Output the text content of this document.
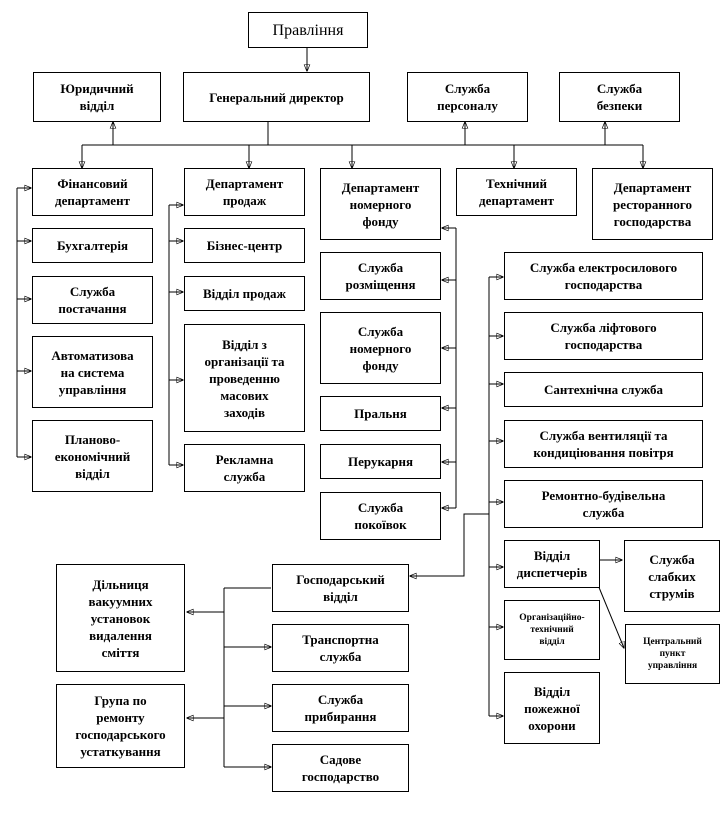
Правління
Юридичний
відділ
Генеральний директор
Служба
персоналу
Служба
безпеки
Фінансовий
департамент
Департамент
продаж
Департамент
номерного
фонду
Технічний
департамент
Департамент
ресторанного
господарства
Бухгалтерія
Служба
постачання
Автоматизова
на система
управління
Планово-
економічний
відділ
Бізнес-центр
Відділ продаж
Відділ з
організації та
проведенню
масових
заходів
Рекламна
служба
Служба
розміщення
Служба
номерного
фонду
Пральня
Перукарня
Служба
покоївок
Служба електросилового
господарства
Служба ліфтового
господарства
Сантехнічна служба
Служба вентиляції та
кондиціювання повітря
Ремонтно-будівельна
служба
Відділ
диспетчерів
Служба
слабких
струмів
Центральний
пункт
управління
Організаційно-
технічний
відділ
Відділ
пожежної
охорони
Господарський
відділ
Дільниця
вакуумних
установок
видалення
сміття
Транспортна
служба
Група по
ремонту
господарського
устаткування
Служба
прибирання
Садове
господарство
